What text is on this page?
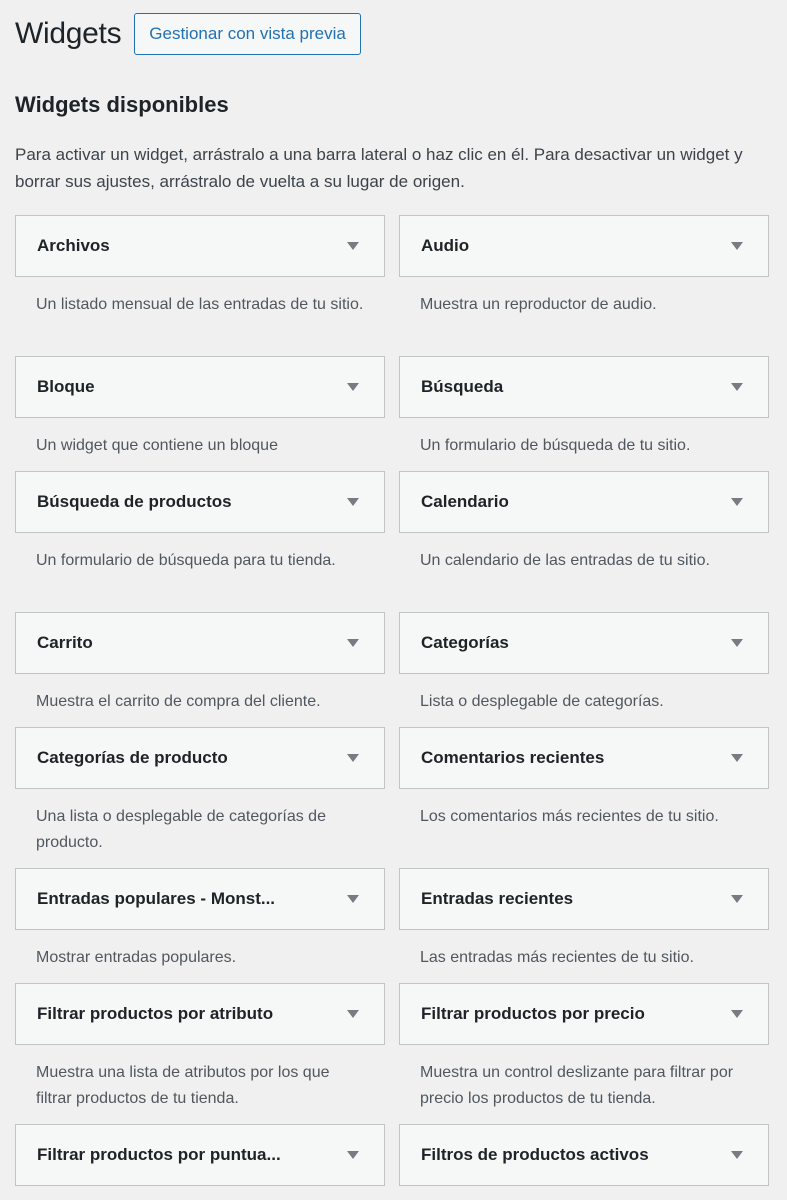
Widgets	Gestionar con vista previa
Widgets disponibles

Para activar un widget, arrástralo a una barra lateral o haz clic en él. Para desactivar un widget y borrar sus ajustes, arrástralo de vuelta a su lugar de origen.

Archivos
Un listado mensual de las entradas de tu sitio.
Audio
Muestra un reproductor de audio.
Bloque
Un widget que contiene un bloque
Búsqueda
Un formulario de búsqueda de tu sitio.
Búsqueda de productos
Un formulario de búsqueda para tu tienda.
Calendario
Un calendario de las entradas de tu sitio.
Carrito
Muestra el carrito de compra del cliente.
Categorías
Lista o desplegable de categorías.
Categorías de producto
Una lista o desplegable de categorías de producto.
Comentarios recientes
Los comentarios más recientes de tu sitio.
Entradas populares - Monst...
Mostrar entradas populares.
Entradas recientes
Las entradas más recientes de tu sitio.
Filtrar productos por atributo
Muestra una lista de atributos por los que filtrar productos de tu tienda.
Filtrar productos por precio
Muestra un control deslizante para filtrar por precio los productos de tu tienda.
Filtrar productos por puntua...	Filtros de productos activos
